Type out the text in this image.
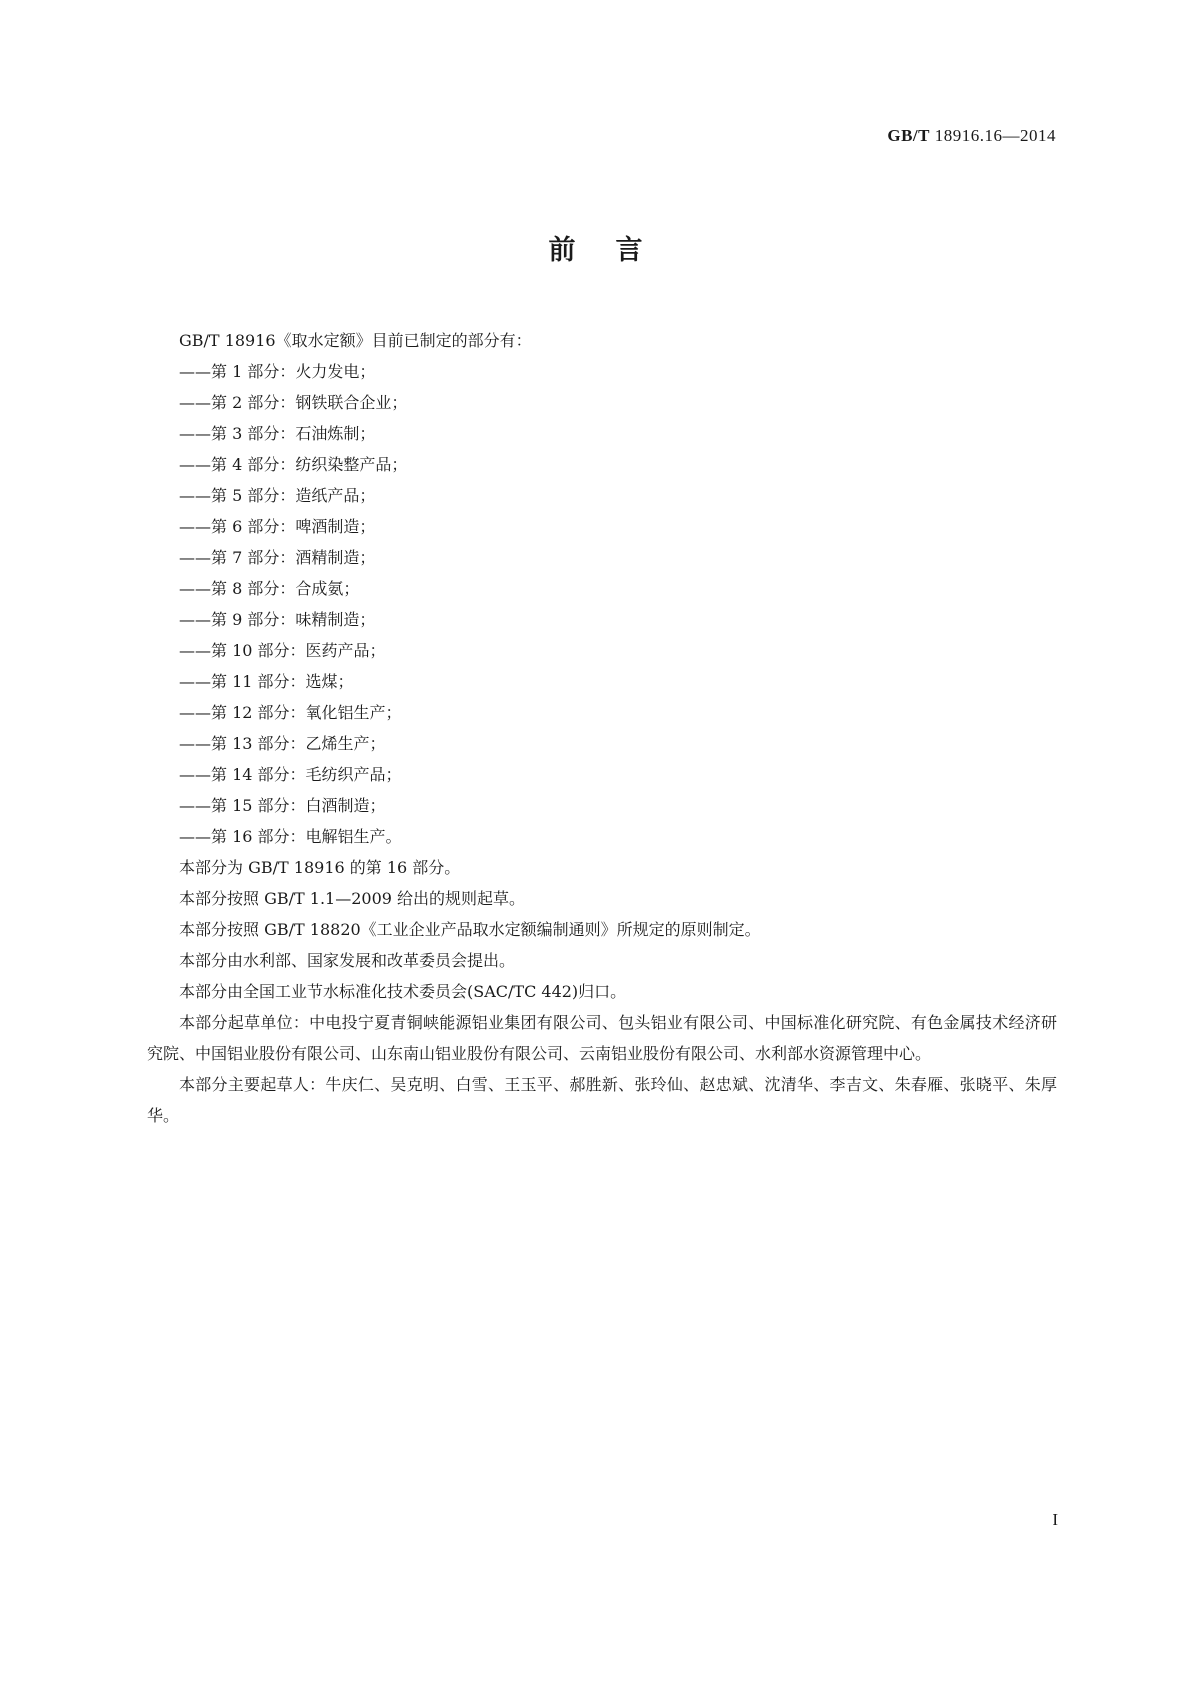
GB/T 18916.16—2014
前言

GB/T 18916《取水定额》目前已制定的部分有：

——第 1 部分：火力发电；
——第 2 部分：钢铁联合企业；
——第 3 部分：石油炼制；
——第 4 部分：纺织染整产品；
——第 5 部分：造纸产品；
——第 6 部分：啤酒制造；
——第 7 部分：酒精制造；
——第 8 部分：合成氨；
——第 9 部分：味精制造；
——第 10 部分：医药产品；
——第 11 部分：选煤；
——第 12 部分：氧化铝生产；
——第 13 部分：乙烯生产；
——第 14 部分：毛纺织产品；
——第 15 部分：白酒制造；
——第 16 部分：电解铝生产。

本部分为 GB/T 18916 的第 16 部分。

本部分按照 GB/T 1.1—2009 给出的规则起草。

本部分按照 GB/T 18820《工业企业产品取水定额编制通则》所规定的原则制定。

本部分由水利部、国家发展和改革委员会提出。

本部分由全国工业节水标准化技术委员会(SAC/TC 442)归口。

本部分起草单位：中电投宁夏青铜峡能源铝业集团有限公司、包头铝业有限公司、中国标准化研究院、有色金属技术经济研究院、中国铝业股份有限公司、山东南山铝业股份有限公司、云南铝业股份有限公司、水利部水资源管理中心。

本部分主要起草人：牛庆仁、吴克明、白雪、王玉平、郝胜新、张玲仙、赵忠斌、沈清华、李吉文、朱春雁、张晓平、朱厚华。

I
